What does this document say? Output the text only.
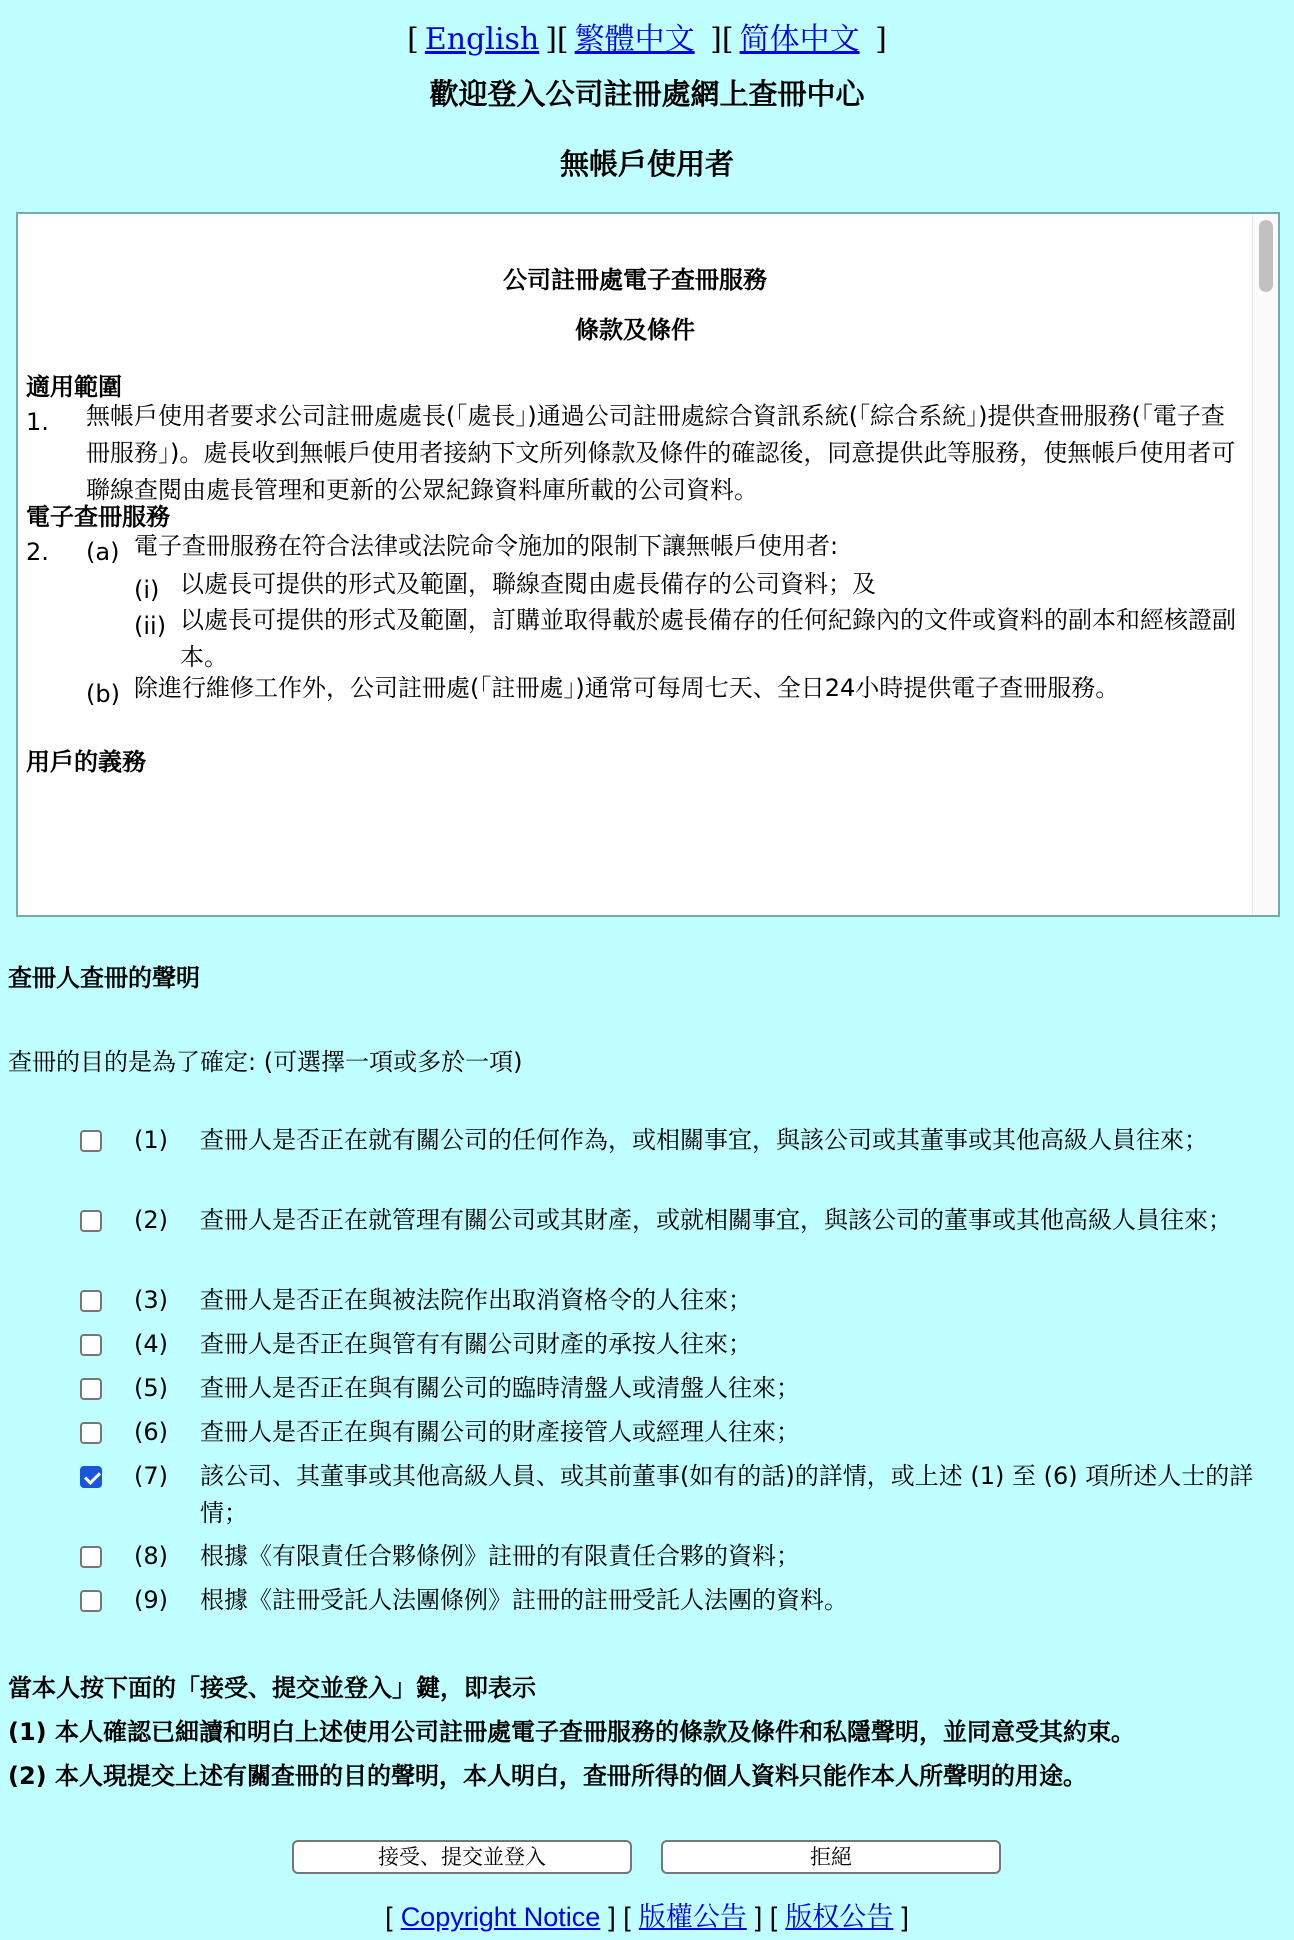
[ English ][ 繁體中文 ][ 简体中文 ]
歡迎登入公司註冊處網上查冊中心
無帳戶使用者
公司註冊處電子查冊服務
條款及條件
適用範圍
1. 無帳戶使用者要求公司註冊處處長(「處長」)通過公司註冊處綜合資訊系統(「綜合系統」)提供查冊服務(「電子查冊服務」)。處長收到無帳戶使用者接納下文所列條款及條件的確認後，同意提供此等服務，使無帳戶使用者可聯線查閱由處長管理和更新的公眾紀錄資料庫所載的公司資料。
電子查冊服務
2. (a) 電子查冊服務在符合法律或法院命令施加的限制下讓無帳戶使用者:
(i) 以處長可提供的形式及範圍，聯線查閱由處長備存的公司資料；及
(ii) 以處長可提供的形式及範圍，訂購並取得載於處長備存的任何紀錄內的文件或資料的副本和經核證副本。
(b) 除進行維修工作外，公司註冊處(「註冊處」)通常可每周七天、全日24小時提供電子查冊服務。
用戶的義務
查冊人查冊的聲明
查冊的目的是為了確定: (可選擇一項或多於一項)
(1) 查冊人是否正在就有關公司的任何作為，或相關事宜，與該公司或其董事或其他高級人員往來；
(2) 查冊人是否正在就管理有關公司或其財產，或就相關事宜，與該公司的董事或其他高級人員往來；
(3) 查冊人是否正在與被法院作出取消資格令的人往來；
(4) 查冊人是否正在與管有有關公司財產的承按人往來；
(5) 查冊人是否正在與有關公司的臨時清盤人或清盤人往來；
(6) 查冊人是否正在與有關公司的財產接管人或經理人往來；
(7) 該公司、其董事或其他高級人員、或其前董事(如有的話)的詳情，或上述 (1) 至 (6) 項所述人士的詳情；
(8) 根據《有限責任合夥條例》註冊的有限責任合夥的資料；
(9) 根據《註冊受託人法團條例》註冊的註冊受託人法團的資料。
當本人按下面的「接受、提交並登入」鍵，即表示
(1) 本人確認已細讀和明白上述使用公司註冊處電子查冊服務的條款及條件和私隱聲明，並同意受其約束。
(2) 本人現提交上述有關查冊的目的聲明，本人明白，查冊所得的個人資料只能作本人所聲明的用途。
接受、提交並登入	拒絕
[ Copyright Notice ] [ 版權公告 ] [ 版权公告 ]
